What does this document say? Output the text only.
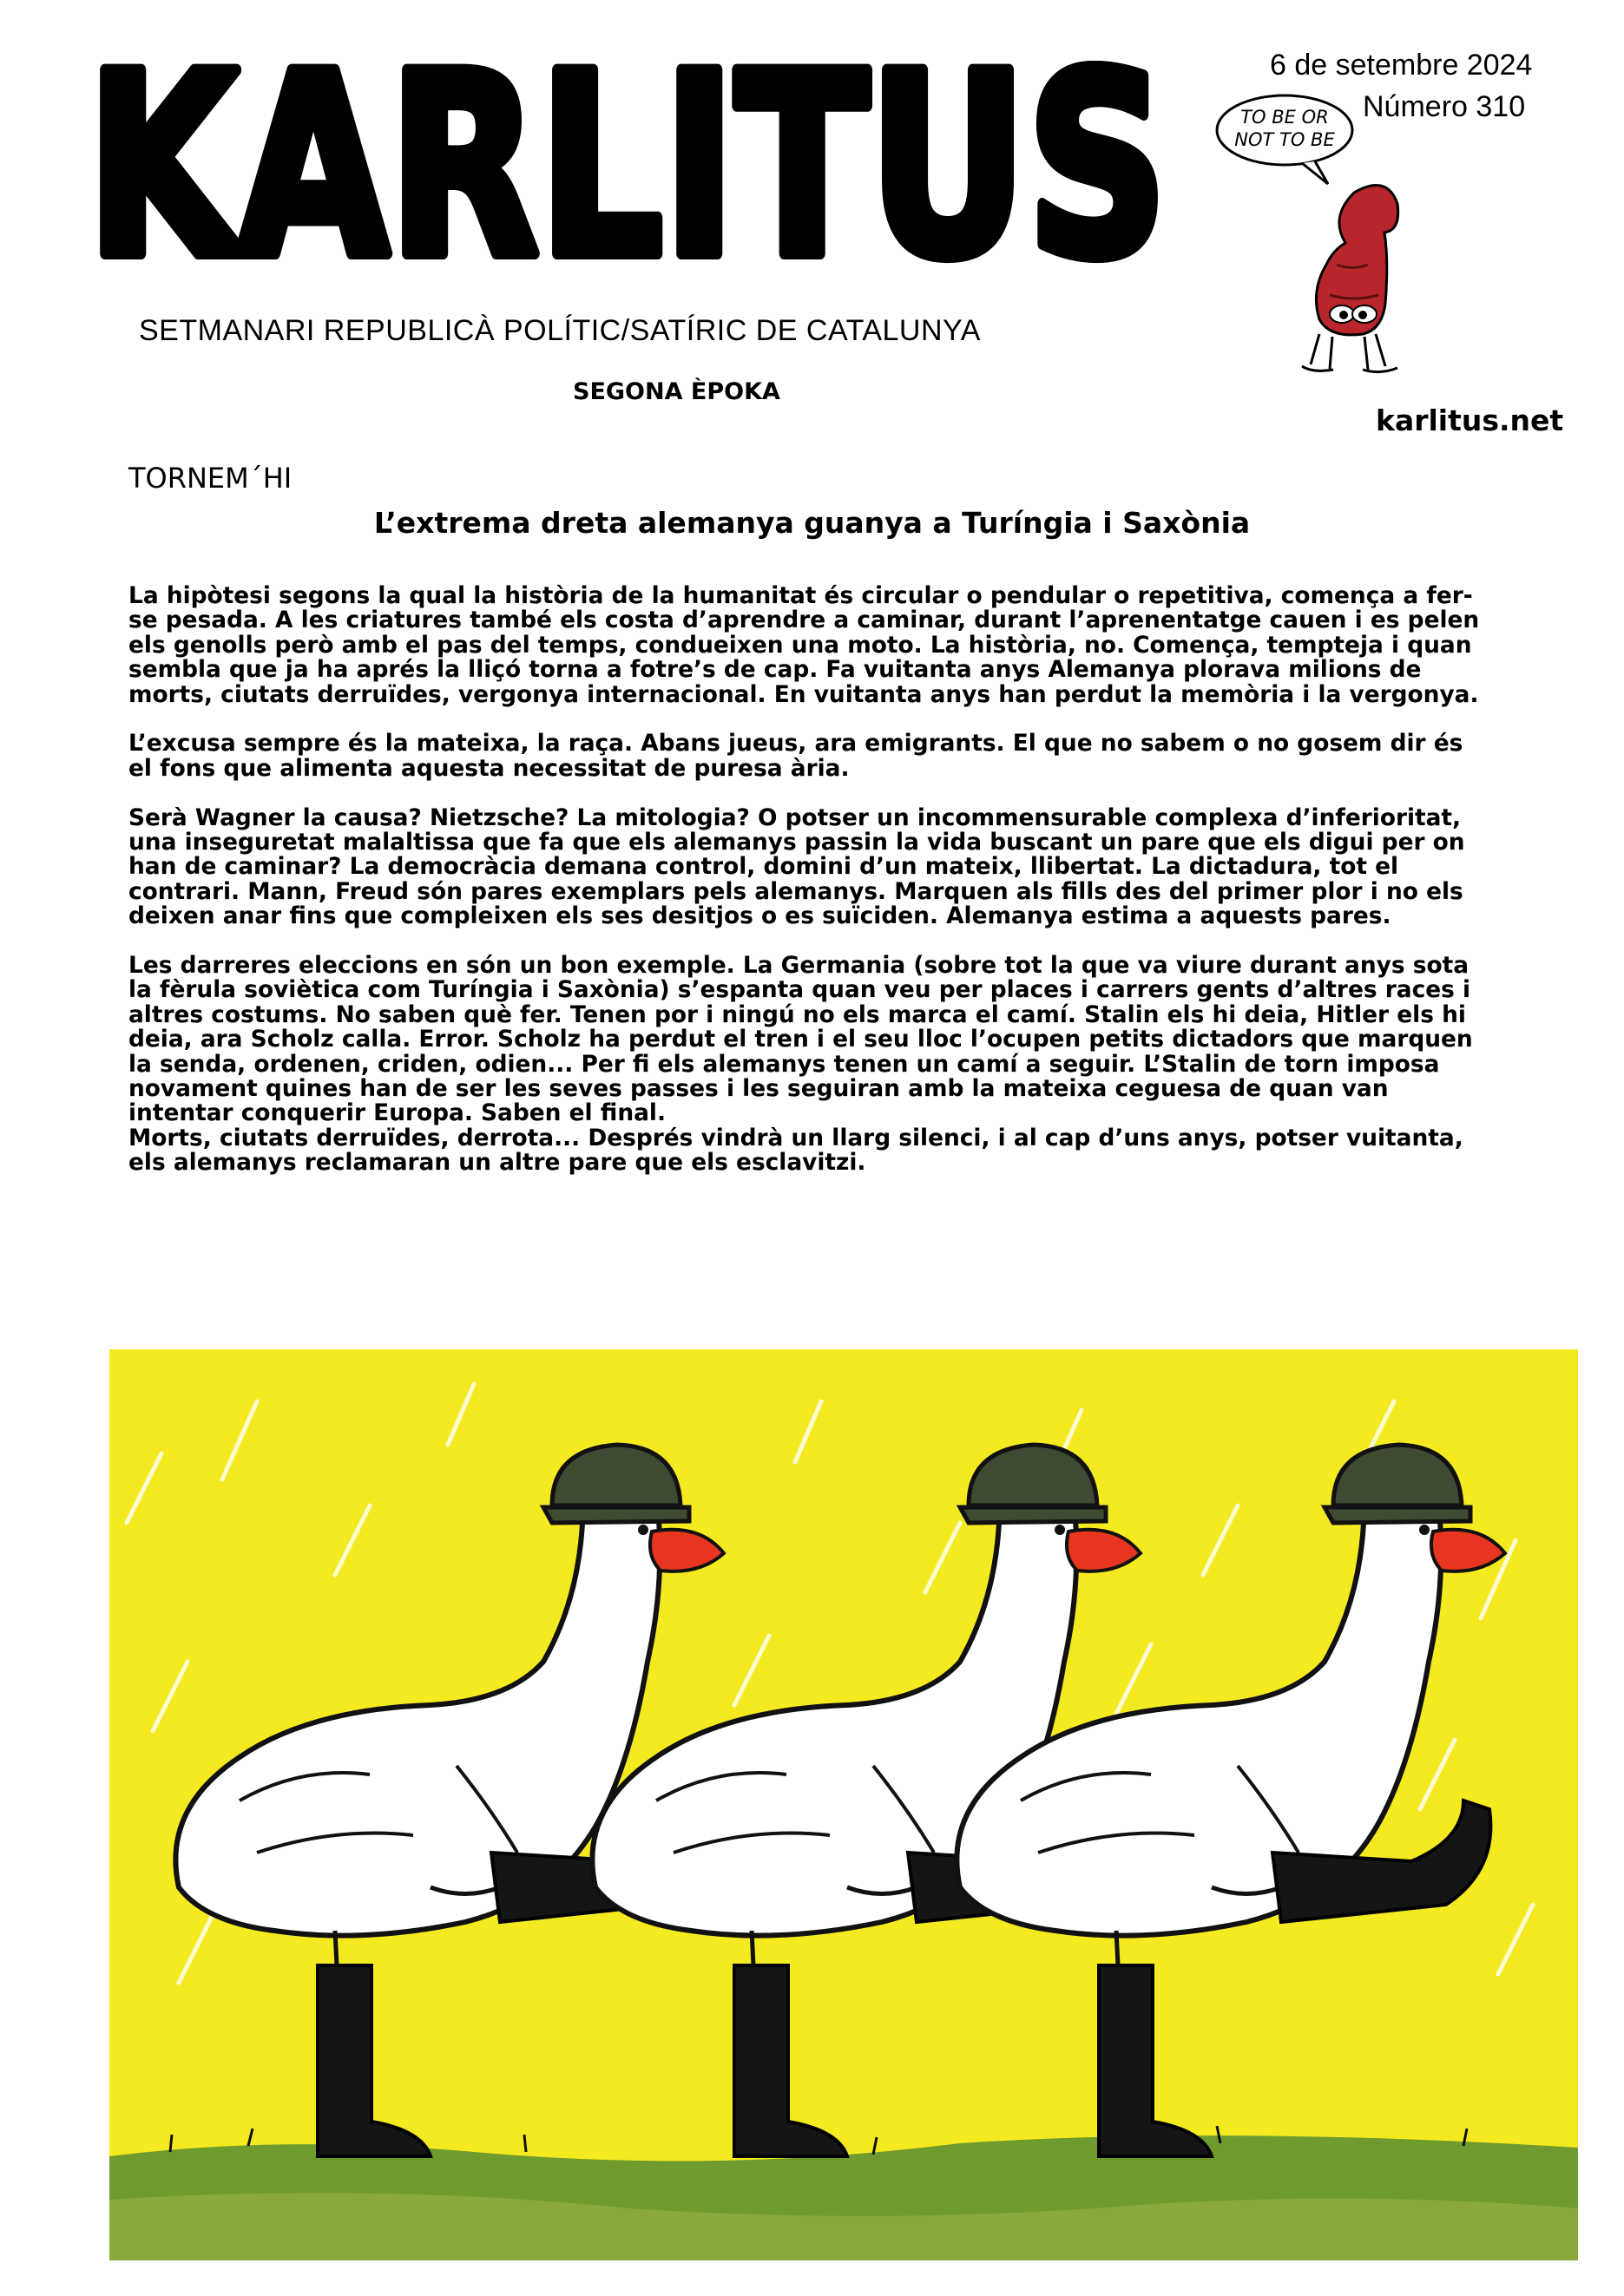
KARLITUS
SETMANARI REPUBLICÀ POLÍTIC/SATÍRIC DE CATALUNYA
SEGONA ÈPOKA
6 de setembre 2024
Número 310
karlitus.net
TO BE OR
NOT TO BE
TORNEM´HI
L’extrema dreta alemanya guanya a Turíngia i Saxònia

La hipòtesi segons la qual la història de la humanitat és circular o pendular o repetitiva, comença a fer-se pesada. A les criatures també els costa d’aprendre a caminar, durant l’aprenentatge cauen i es pelen els genolls però amb el pas del temps, condueixen una moto. La història, no. Comença, tempteja i quan sembla que ja ha aprés la lliçó torna a fotre’s de cap. Fa vuitanta anys Alemanya plorava milions de morts, ciutats derruïdes, vergonya internacional. En vuitanta anys han perdut la memòria i la vergonya.

L’excusa sempre és la mateixa, la raça. Abans jueus, ara emigrants. El que no sabem o no gosem dir és el fons que alimenta aquesta necessitat de puresa ària.

Serà Wagner la causa? Nietzsche? La mitologia? O potser un incommensurable complexa d’inferioritat, una inseguretat malaltissa que fa que els alemanys passin la vida buscant un pare que els digui per on han de caminar? La democràcia demana control, domini d’un mateix, llibertat. La dictadura, tot el contrari. Mann, Freud són pares exemplars pels alemanys. Marquen als fills des del primer plor i no els deixen anar fins que compleixen els ses desitjos o es suïciden. Alemanya estima a aquests pares.

Les darreres eleccions en són un bon exemple. La Germania (sobre tot la que va viure durant anys sota la fèrula soviètica com Turíngia i Saxònia) s’espanta quan veu per places i carrers gents d’altres races i altres costums. No saben què fer. Tenen por i ningú no els marca el camí. Stalin els hi deia, Hitler els hi deia, ara Scholz calla. Error. Scholz ha perdut el tren i el seu lloc l’ocupen petits dictadors que marquen la senda, ordenen, criden, odien... Per fi els alemanys tenen un camí a seguir. L’Stalin de torn imposa novament quines han de ser les seves passes i les seguiran amb la mateixa ceguesa de quan van intentar conquerir Europa. Saben el final.

Morts, ciutats derruïdes, derrota... Després vindrà un llarg silenci, i al cap d’uns anys, potser vuitanta, els alemanys reclamaran un altre pare que els esclavitzi.
